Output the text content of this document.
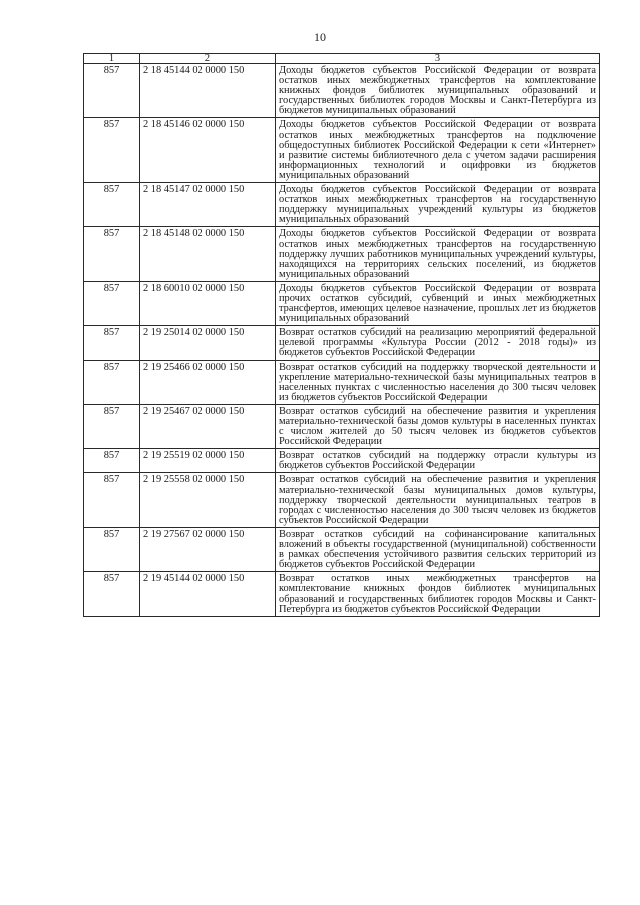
10
1	2	3
857	2 18 45144 02 0000 150	Доходы бюджетов субъектов Российской Федерации от возврата остатков иных межбюджетных трансфертов на комплектование книжных фондов библиотек муниципальных образований и государственных библиотек городов Москвы и Санкт-Петербурга из бюджетов муниципальных образований
857	2 18 45146 02 0000 150	Доходы бюджетов субъектов Российской Федерации от возврата остатков иных межбюджетных трансфертов на подключение общедоступных библиотек Российской Федерации к сети «Интернет» и развитие системы библиотечного дела с учетом задачи расширения информационных технологий и оцифровки из бюджетов муниципальных образований
857	2 18 45147 02 0000 150	Доходы бюджетов субъектов Российской Федерации от возврата остатков иных межбюджетных трансфертов на государственную поддержку муниципальных учреждений культуры из бюджетов муниципальных образований
857	2 18 45148 02 0000 150	Доходы бюджетов субъектов Российской Федерации от возврата остатков иных межбюджетных трансфертов на государственную поддержку лучших работников муниципальных учреждений культуры, находящихся на территориях сельских поселений, из бюджетов муниципальных образований
857	2 18 60010 02 0000 150	Доходы бюджетов субъектов Российской Федерации от возврата прочих остатков субсидий, субвенций и иных межбюджетных трансфертов, имеющих целевое назначение, прошлых лет из бюджетов муниципальных образований
857	2 19 25014 02 0000 150	Возврат остатков субсидий на реализацию мероприятий федеральной целевой программы «Культура России (2012 - 2018 годы)» из бюджетов субъектов Российской Федерации
857	2 19 25466 02 0000 150	Возврат остатков субсидий на поддержку творческой деятельности и укрепление материально-технической базы муниципальных театров в населенных пунктах с численностью населения до 300 тысяч человек из бюджетов субъектов Российской Федерации
857	2 19 25467 02 0000 150	Возврат остатков субсидий на обеспечение развития и укрепления материально-технической базы домов культуры в населенных пунктах с числом жителей до 50 тысяч человек из бюджетов субъектов Российской Федерации
857	2 19 25519 02 0000 150	Возврат остатков субсидий на поддержку отрасли культуры из бюджетов субъектов Российской Федерации
857	2 19 25558 02 0000 150	Возврат остатков субсидий на обеспечение развития и укрепления материально-технической базы муниципальных домов культуры, поддержку творческой деятельности муниципальных театров в городах с численностью населения до 300 тысяч человек из бюджетов субъектов Российской Федерации
857	2 19 27567 02 0000 150	Возврат остатков субсидий на софинансирование капитальных вложений в объекты государственной (муниципальной) собственности в рамках обеспечения устойчивого развития сельских территорий из бюджетов субъектов Российской Федерации
857	2 19 45144 02 0000 150	Возврат остатков иных межбюджетных трансфертов на комплектование книжных фондов библиотек муниципальных образований и государственных библиотек городов Москвы и Санкт-Петербурга из бюджетов субъектов Российской Федерации
